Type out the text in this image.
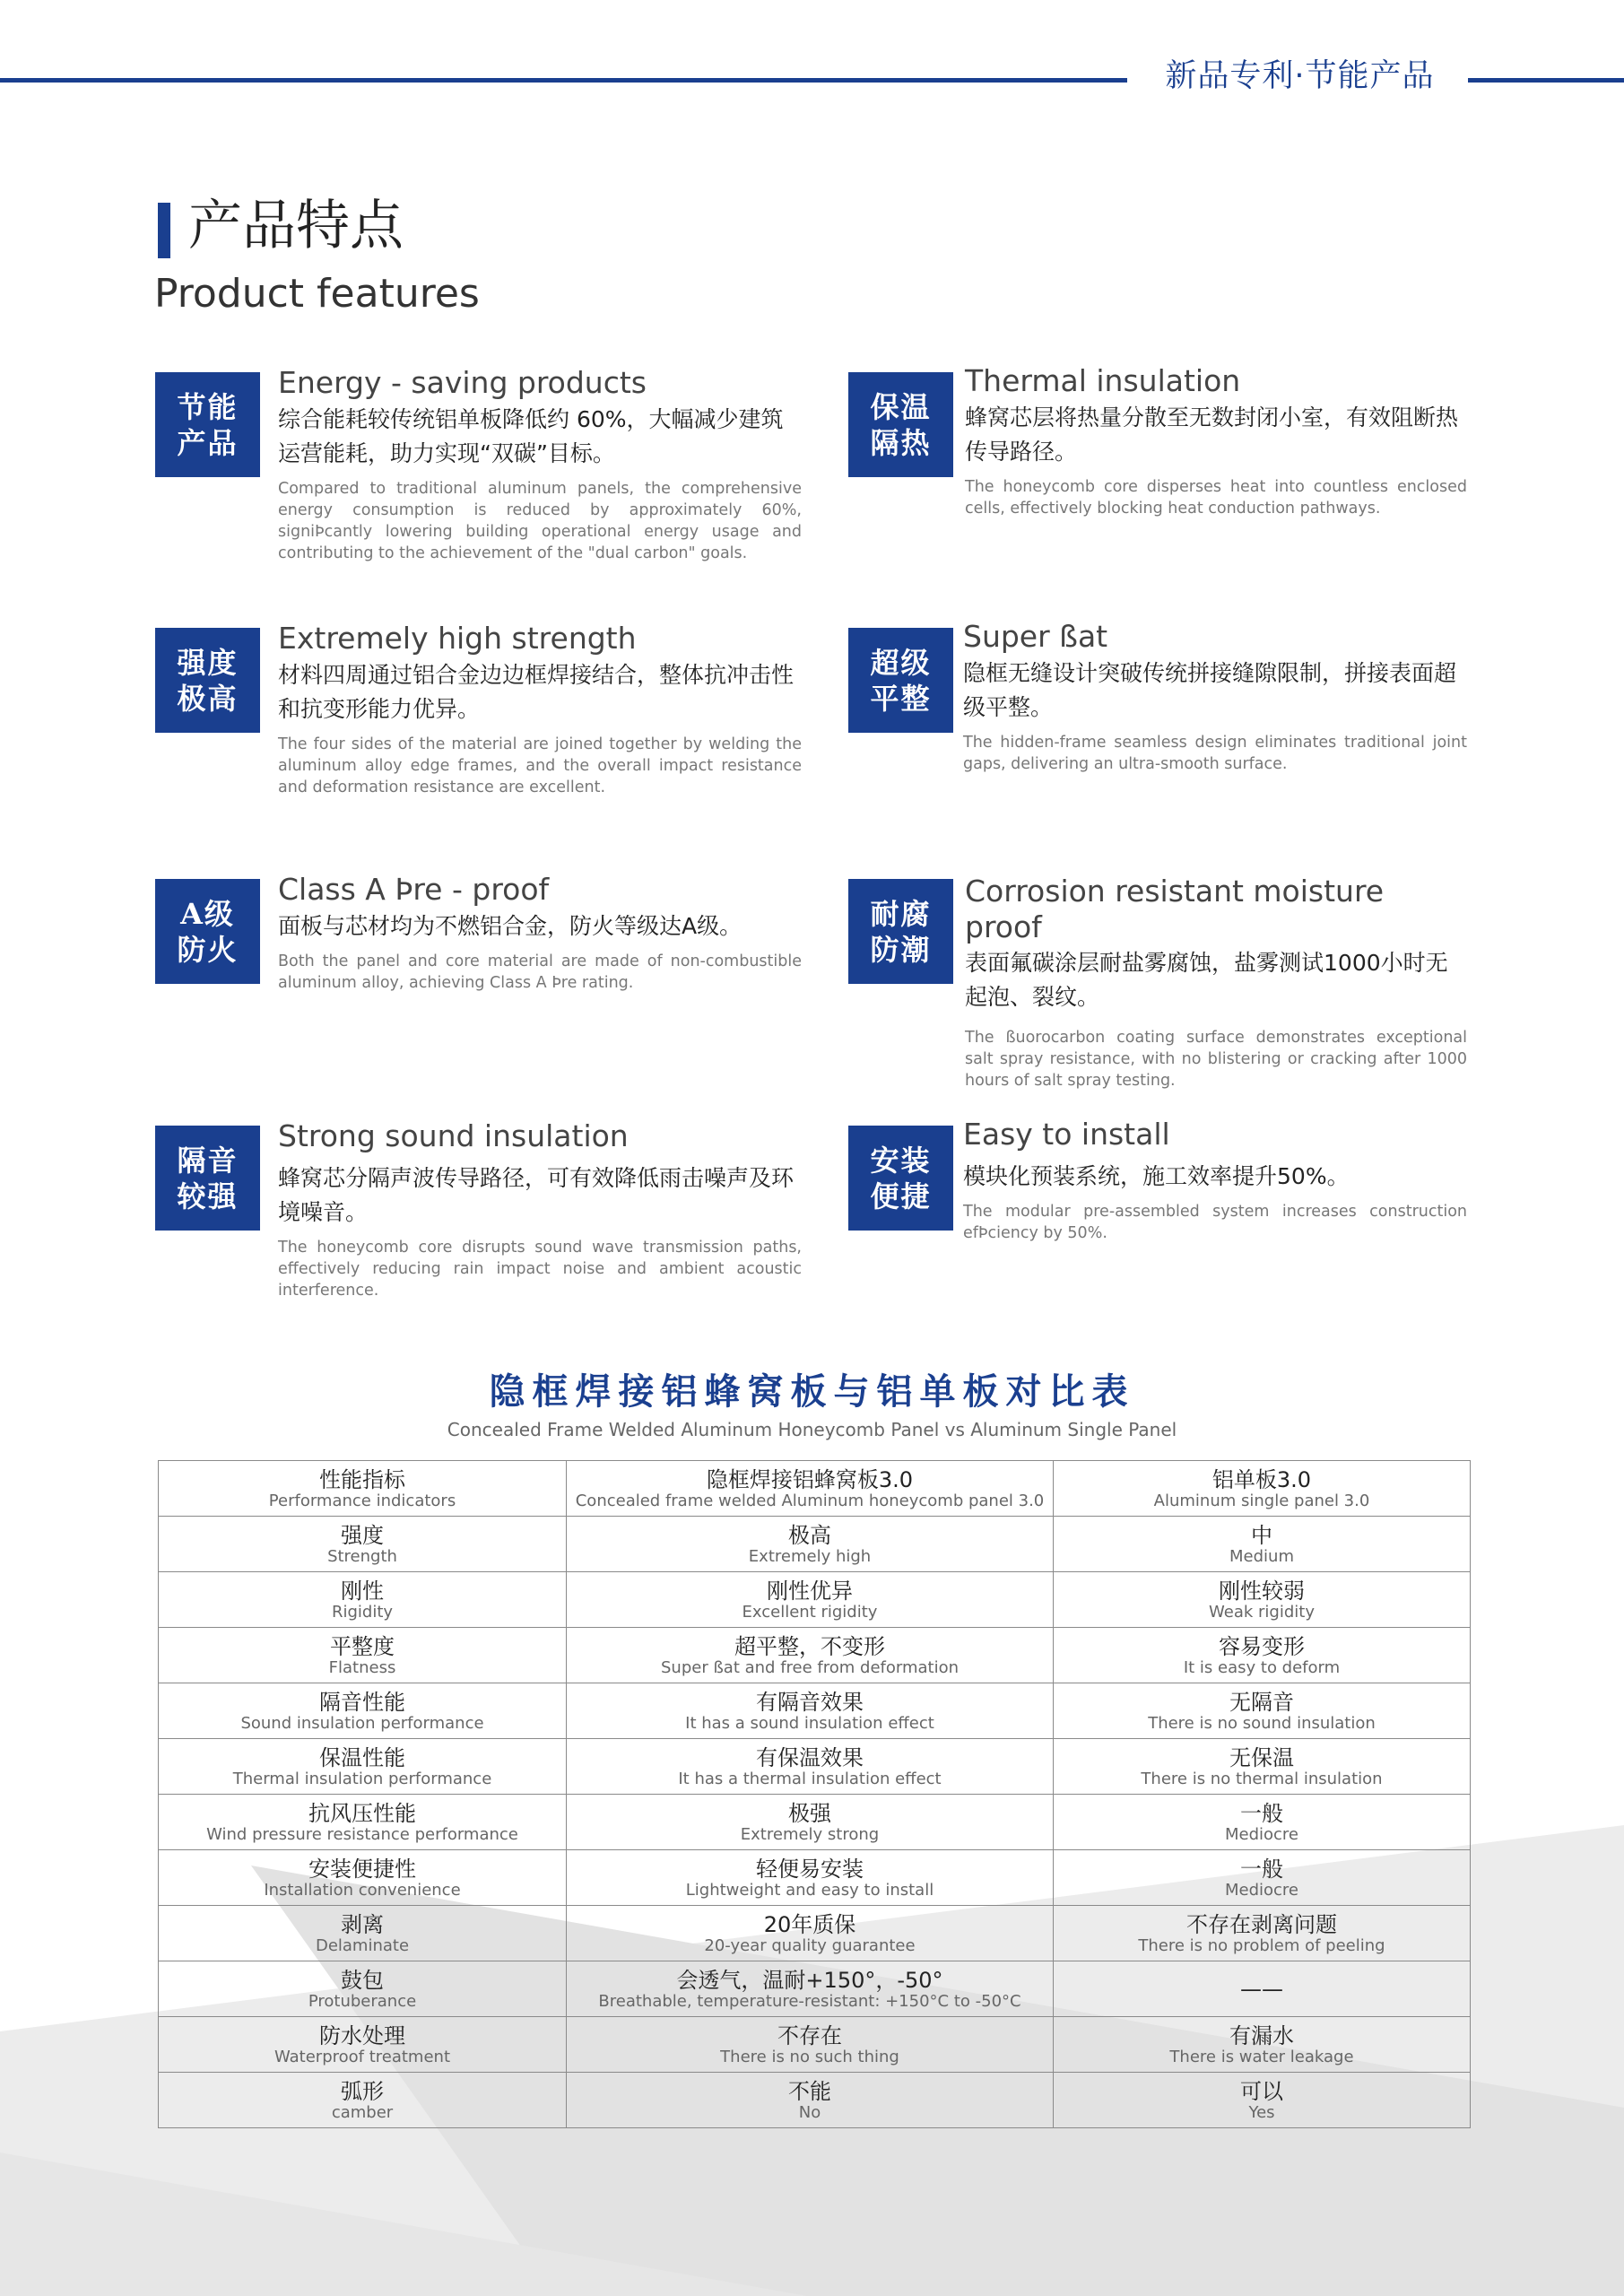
新品专利·节能产品
产品特点
Product features
节能
产品
Energy - saving products
综合能耗较传统铝单板降低约 60%，大幅减少建筑运营能耗，助力实现“双碳”目标。
Compared to traditional aluminum panels, the comprehensive energy consumption is reduced by approximately 60%, signiÞcantly lowering building operational energy usage and contributing to the achievement of the "dual carbon" goals.
保温
隔热
Thermal insulation
蜂窝芯层将热量分散至无数封闭小室，有效阻断热传导路径。
The honeycomb core disperses heat into countless enclosed cells, effectively blocking heat conduction pathways.
强度
极高
Extremely high strength
材料四周通过铝合金边边框焊接结合，整体抗冲击性和抗变形能力优异。
The four sides of the material are joined together by welding the aluminum alloy edge frames, and the overall impact resistance and deformation resistance are excellent.
超级
平整
Super ßat
隐框无缝设计突破传统拼接缝隙限制，拼接表面超级平整。
The hidden-frame seamless design eliminates traditional joint gaps, delivering an ultra-smooth surface.
A级
防火
Class A Þre - proof
面板与芯材均为不燃铝合金，防火等级达A级。
Both the panel and core material are made of non-combustible aluminum alloy, achieving Class A Þre rating.
耐腐
防潮
Corrosion resistant moisture proof
表面氟碳涂层耐盐雾腐蚀，盐雾测试1000小时无起泡、裂纹。
The ßuorocarbon coating surface demonstrates exceptional salt spray resistance, with no blistering or cracking after 1000 hours of salt spray testing.
隔音
较强
Strong sound insulation
蜂窝芯分隔声波传导路径，可有效降低雨击噪声及环境噪音。
The honeycomb core disrupts sound wave transmission paths, effectively reducing rain impact noise and ambient acoustic interference.
安装
便捷
Easy to install
模块化预装系统，施工效率提升50%。
The modular pre-assembled system increases construction efÞciency by 50%.
隐框焊接铝蜂窝板与铝单板对比表
Concealed Frame Welded Aluminum Honeycomb Panel vs Aluminum Single Panel
性能指标
Performance indicators	隐框焊接铝蜂窝板3.0
Concealed frame welded Aluminum honeycomb panel 3.0	铝单板3.0
Aluminum single panel 3.0

强度
Strength	极高
Extremely high	中
Medium

刚性
Rigidity	刚性优异
Excellent rigidity	刚性较弱
Weak rigidity

平整度
Flatness	超平整，不变形
Super ßat and free from deformation	容易变形
It is easy to deform

隔音性能
Sound insulation performance	有隔音效果
It has a sound insulation effect	无隔音
There is no sound insulation

保温性能
Thermal insulation performance	有保温效果
It has a thermal insulation effect	无保温
There is no thermal insulation

抗风压性能
Wind pressure resistance performance	极强
Extremely strong	一般
Mediocre

安装便捷性
Installation convenience	轻便易安装
Lightweight and easy to install	一般
Mediocre

剥离
Delaminate	20年质保
20-year quality guarantee	不存在剥离问题
There is no problem of peeling

鼓包
Protuberance	会透气，温耐+150°，-50°
Breathable, temperature-resistant: +150°C to -50°C	——

防水处理
Waterproof treatment	不存在
There is no such thing	有漏水
There is water leakage

弧形
camber	不能
No	可以
Yes
